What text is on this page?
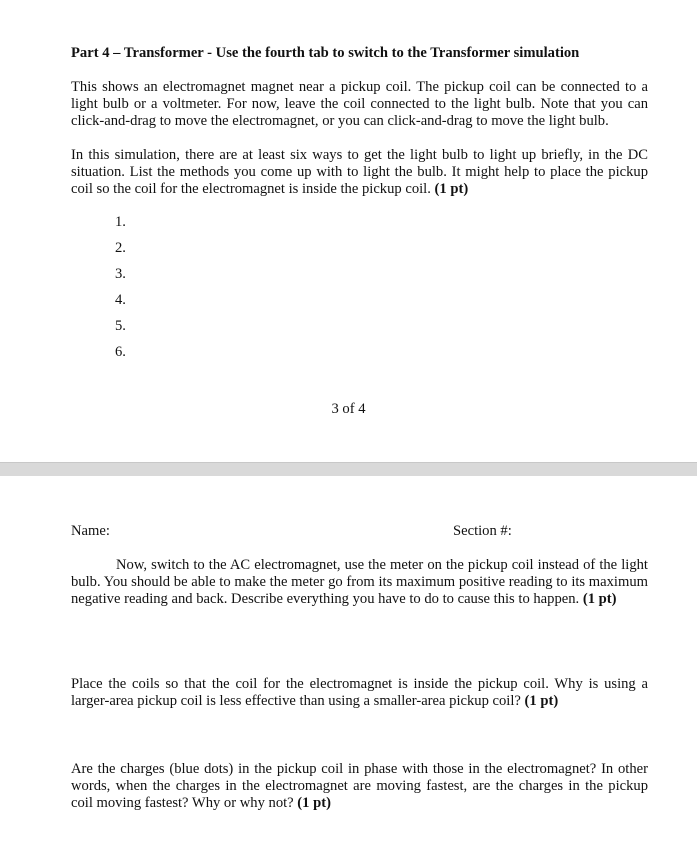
Part 4 – Transformer - Use the fourth tab to switch to the Transformer simulation

This shows an electromagnet magnet near a pickup coil. The pickup coil can be connected to a light bulb or a voltmeter. For now, leave the coil connected to the light bulb. Note that you can click-and-drag to move the electromagnet, or you can click-and-drag to move the light bulb.

In this simulation, there are at least six ways to get the light bulb to light up briefly, in the DC situation. List the methods you come up with to light the bulb. It might help to place the pickup coil so the coil for the electromagnet is inside the pickup coil. (1 pt)

1.
2.
3.
4.
5.
6.
3 of 4
Name:	Section #:

Now, switch to the AC electromagnet, use the meter on the pickup coil instead of the light bulb. You should be able to make the meter go from its maximum positive reading to its maximum negative reading and back. Describe everything you have to do to cause this to happen. (1 pt)

Place the coils so that the coil for the electromagnet is inside the pickup coil. Why is using a larger-area pickup coil is less effective than using a smaller-area pickup coil? (1 pt)

Are the charges (blue dots) in the pickup coil in phase with those in the electromagnet? In other words, when the charges in the electromagnet are moving fastest, are the charges in the pickup coil moving fastest? Why or why not? (1 pt)
